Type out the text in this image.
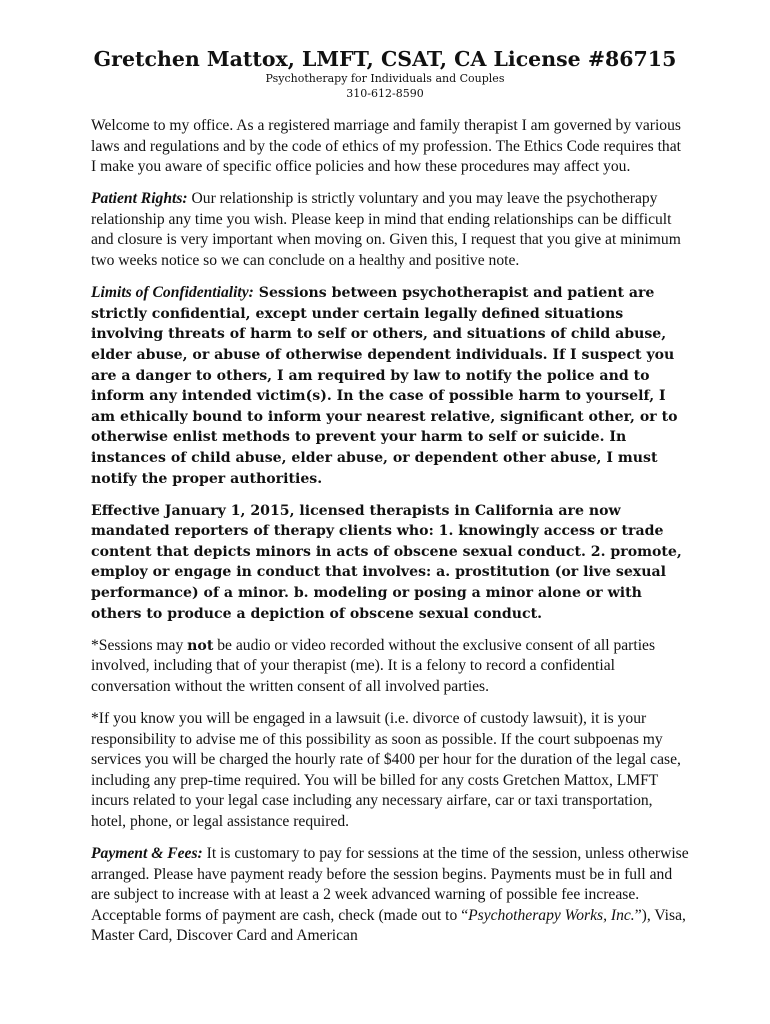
Gretchen Mattox, LMFT, CSAT, CA License #86715
Psychotherapy for Individuals and Couples
310-612-8590

Welcome to my office. As a registered marriage and family therapist I am governed by various laws and regulations and by the code of ethics of my profession. The Ethics Code requires that I make you aware of specific office policies and how these procedures may affect you.

Patient Rights: Our relationship is strictly voluntary and you may leave the psychotherapy relationship any time you wish. Please keep in mind that ending relationships can be difficult and closure is very important when moving on. Given this, I request that you give at minimum two weeks notice so we can conclude on a healthy and positive note.

Limits of Confidentiality: Sessions between psychotherapist and patient are strictly confidential, except under certain legally defined situations involving threats of harm to self or others, and situations of child abuse, elder abuse, or abuse of otherwise dependent individuals. If I suspect you are a danger to others, I am required by law to notify the police and to inform any intended victim(s). In the case of possible harm to yourself, I am ethically bound to inform your nearest relative, significant other, or to otherwise enlist methods to prevent your harm to self or suicide. In instances of child abuse, elder abuse, or dependent other abuse, I must notify the proper authorities.

Effective January 1, 2015, licensed therapists in California are now mandated reporters of therapy clients who: 1. knowingly access or trade content that depicts minors in acts of obscene sexual conduct. 2. promote, employ or engage in conduct that involves: a. prostitution (or live sexual performance) of a minor. b. modeling or posing a minor alone or with others to produce a depiction of obscene sexual conduct.

*Sessions may not be audio or video recorded without the exclusive consent of all parties involved, including that of your therapist (me). It is a felony to record a confidential conversation without the written consent of all involved parties.

*If you know you will be engaged in a lawsuit (i.e. divorce of custody lawsuit), it is your responsibility to advise me of this possibility as soon as possible. If the court subpoenas my services you will be charged the hourly rate of $400 per hour for the duration of the legal case, including any prep-time required. You will be billed for any costs Gretchen Mattox, LMFT incurs related to your legal case including any necessary airfare, car or taxi transportation, hotel, phone, or legal assistance required.

Payment & Fees: It is customary to pay for sessions at the time of the session, unless otherwise arranged. Please have payment ready before the session begins. Payments must be in full and are subject to increase with at least a 2 week advanced warning of possible fee increase. Acceptable forms of payment are cash, check (made out to “Psychotherapy Works, Inc.”), Visa, Master Card, Discover Card and American
